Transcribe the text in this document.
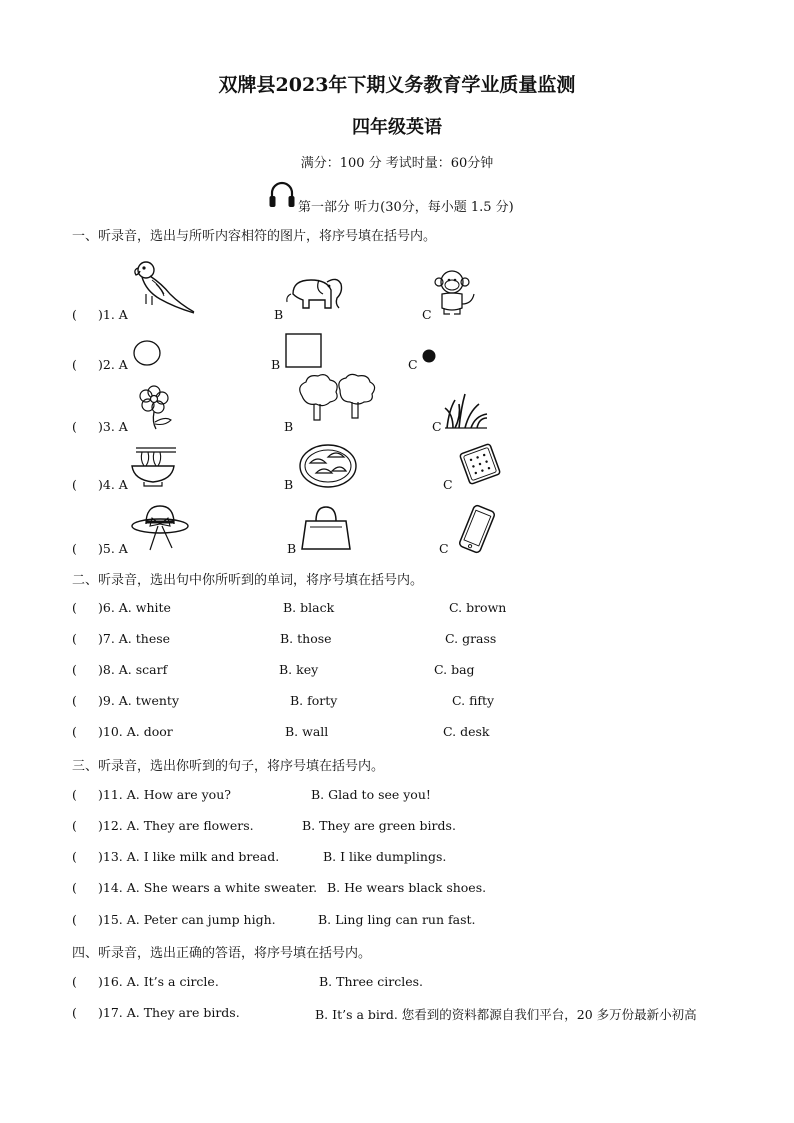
双牌县2023年下期义务教育学业质量监测
四年级英语
满分：100 分 考试时量：60分钟
第一部分 听力(30分，每小题 1.5 分)
一、听录音，选出与所听内容相符的图片，将序号填在括号内。
( )1. A	B	C
( )2. A	B	C
( )3. A	B	C
( )4. A	B	C
( )5. A	B	C
二、听录音，选出句中你所听到的单词，将序号填在括号内。
( )6. A. white	B. black	C. brown
( )7. A. these	B. those	C. grass
( )8. A. scarf	B. key	C. bag
( )9. A. twenty	B. forty	C. fifty
( )10. A. door	B. wall	C. desk
三、听录音，选出你听到的句子，将序号填在括号内。
( )11. A. How are you?	B. Glad to see you!
( )12. A. They are flowers.	B. They are green birds.
( )13. A. I like milk and bread.	B. I like dumplings.
( )14. A. She wears a white sweater. B. He wears black shoes.
( )15. A. Peter can jump high.	B. Ling ling can run fast.
四、听录音，选出正确的答语，将序号填在括号内。
( )16. A. It’s a circle.	B. Three circles.
( )17. A. They are birds.	B. It’s a bird. 您看到的资料都源自我们平台，20 多万份最新小初高
